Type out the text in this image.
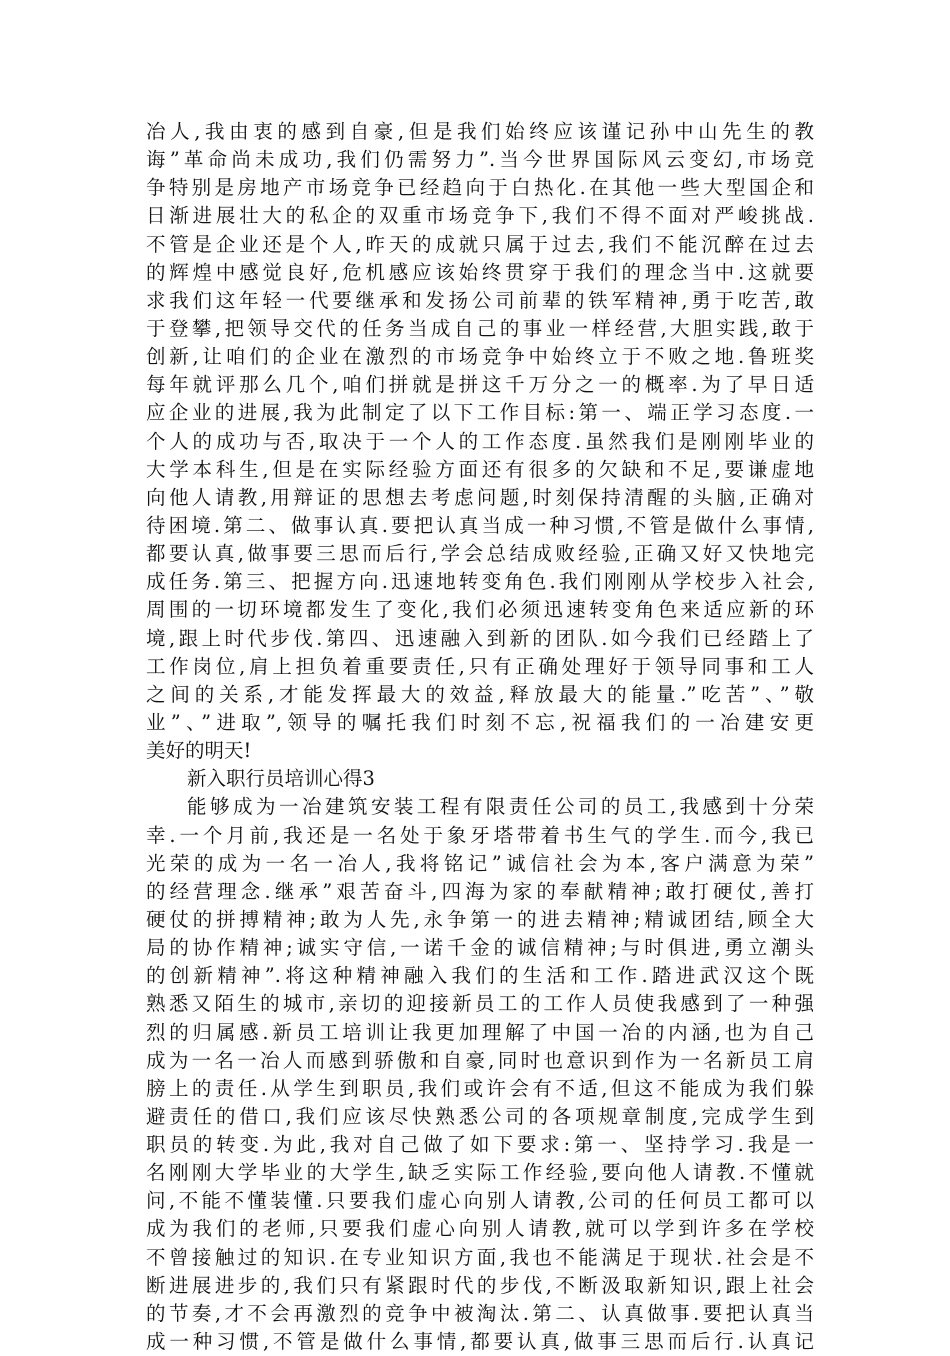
冶人,我由衷的感到自豪,但是我们始终应该谨记孙中山先生的教
诲”革命尚未成功,我们仍需努力”.当今世界国际风云变幻,市场竞
争特别是房地产市场竞争已经趋向于白热化.在其他一些大型国企和
日渐进展壮大的私企的双重市场竞争下,我们不得不面对严峻挑战.
不管是企业还是个人,昨天的成就只属于过去,我们不能沉醉在过去
的辉煌中感觉良好,危机感应该始终贯穿于我们的理念当中.这就要
求我们这年轻一代要继承和发扬公司前辈的铁军精神,勇于吃苦,敢
于登攀,把领导交代的任务当成自己的事业一样经营,大胆实践,敢于
创新,让咱们的企业在激烈的市场竞争中始终立于不败之地.鲁班奖
每年就评那么几个,咱们拼就是拼这千万分之一的概率.为了早日适
应企业的进展,我为此制定了以下工作目标:第一、端正学习态度.一
个人的成功与否,取决于一个人的工作态度.虽然我们是刚刚毕业的
大学本科生,但是在实际经验方面还有很多的欠缺和不足,要谦虚地
向他人请教,用辩证的思想去考虑问题,时刻保持清醒的头脑,正确对
待困境.第二、做事认真.要把认真当成一种习惯,不管是做什么事情,
都要认真,做事要三思而后行,学会总结成败经验,正确又好又快地完
成任务.第三、把握方向.迅速地转变角色.我们刚刚从学校步入社会,
周围的一切环境都发生了变化,我们必须迅速转变角色来适应新的环
境,跟上时代步伐.第四、迅速融入到新的团队.如今我们已经踏上了
工作岗位,肩上担负着重要责任,只有正确处理好于领导同事和工人
之间的关系,才能发挥最大的效益,释放最大的能量.”吃苦”、”敬
业”、”进取”,领导的嘱托我们时刻不忘,祝福我们的一冶建安更
美好的明天!
新入职行员培训心得3
能够成为一冶建筑安装工程有限责任公司的员工,我感到十分荣
幸.一个月前,我还是一名处于象牙塔带着书生气的学生.而今,我已
光荣的成为一名一冶人,我将铭记”诚信社会为本,客户满意为荣”
的经营理念.继承”艰苦奋斗,四海为家的奉献精神;敢打硬仗,善打
硬仗的拼搏精神;敢为人先,永争第一的进去精神;精诚团结,顾全大
局的协作精神;诚实守信,一诺千金的诚信精神;与时俱进,勇立潮头
的创新精神”.将这种精神融入我们的生活和工作.踏进武汉这个既
熟悉又陌生的城市,亲切的迎接新员工的工作人员使我感到了一种强
烈的归属感.新员工培训让我更加理解了中国一冶的内涵,也为自己
成为一名一冶人而感到骄傲和自豪,同时也意识到作为一名新员工肩
膀上的责任.从学生到职员,我们或许会有不适,但这不能成为我们躲
避责任的借口,我们应该尽快熟悉公司的各项规章制度,完成学生到
职员的转变.为此,我对自己做了如下要求:第一、坚持学习.我是一
名刚刚大学毕业的大学生,缺乏实际工作经验,要向他人请教.不懂就
问,不能不懂装懂.只要我们虚心向别人请教,公司的任何员工都可以
成为我们的老师,只要我们虚心向别人请教,就可以学到许多在学校
不曾接触过的知识.在专业知识方面,我也不能满足于现状.社会是不
断进展进步的,我们只有紧跟时代的步伐,不断汲取新知识,跟上社会
的节奏,才不会再激烈的竞争中被淘汰.第二、认真做事.要把认真当
成一种习惯,不管是做什么事情,都要认真,做事三思而后行.认真记
